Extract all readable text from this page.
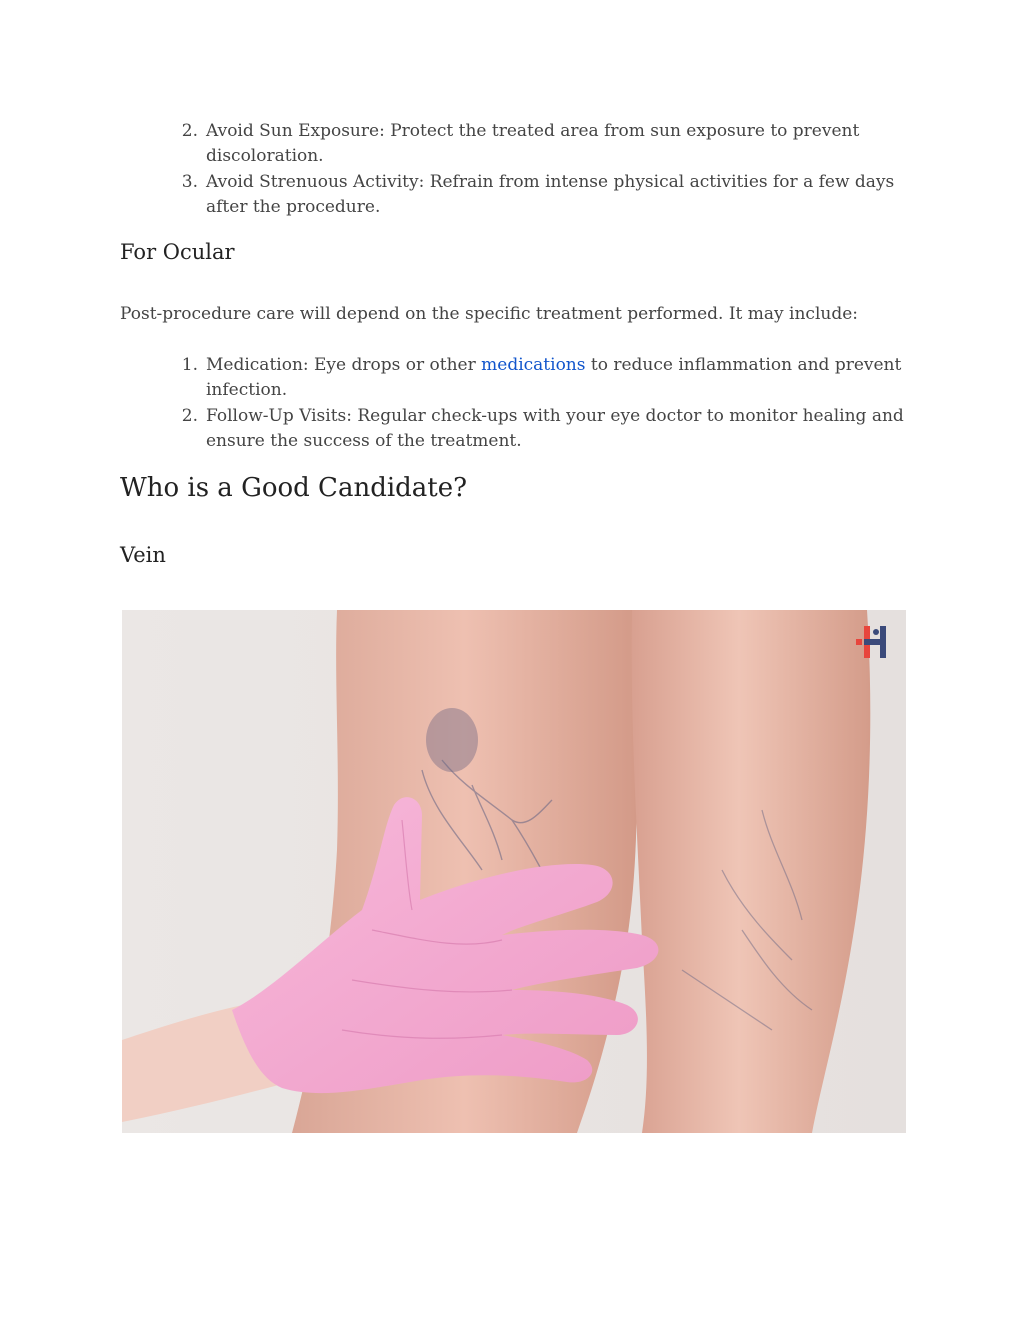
2. Avoid Sun Exposure: Protect the treated area from sun exposure to prevent discoloration.
3. Avoid Strenuous Activity: Refrain from intense physical activities for a few days after the procedure.
For Ocular

Post-procedure care will depend on the specific treatment performed. It may include:

1. Medication: Eye drops or other medications to reduce inflammation and prevent infection.
2. Follow-Up Visits: Regular check-ups with your eye doctor to monitor healing and ensure the success of the treatment.
Who is a Good Candidate?
Vein
